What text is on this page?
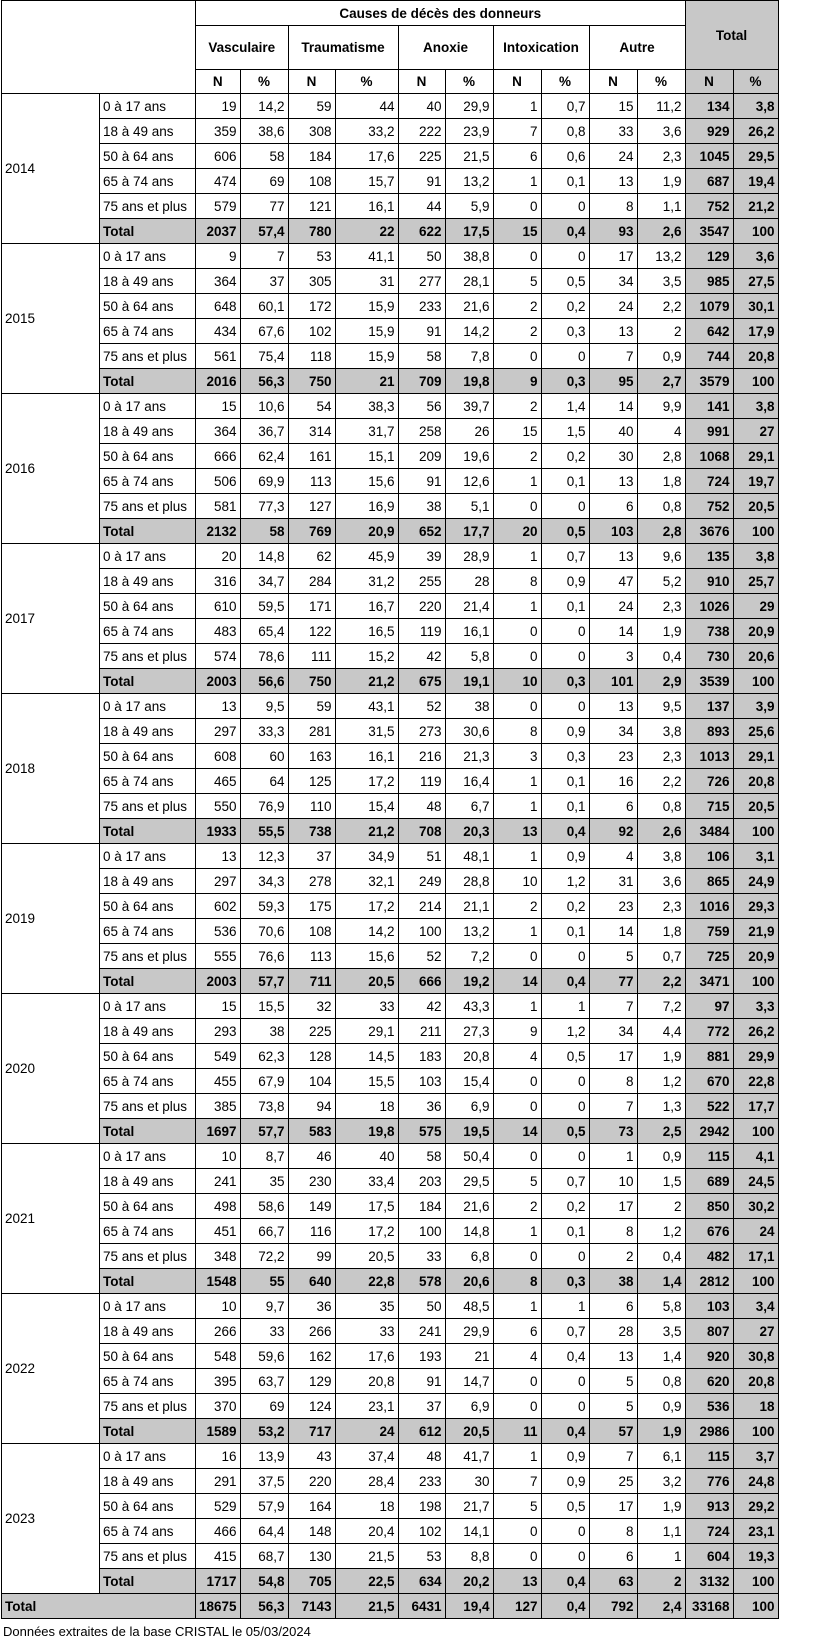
		Causes de décès des donneurs										Total	
		Vasculaire		Traumatisme		Anoxie		Intoxication		Autre			
		N	%	N	%	N	%	N	%	N	%	N	%
2014	0 à 17 ans	19	14,2	59	44	40	29,9	1	0,7	15	11,2	134	3,8
	18 à 49 ans	359	38,6	308	33,2	222	23,9	7	0,8	33	3,6	929	26,2
	50 à 64 ans	606	58	184	17,6	225	21,5	6	0,6	24	2,3	1045	29,5
	65 à 74 ans	474	69	108	15,7	91	13,2	1	0,1	13	1,9	687	19,4
	75 ans et plus	579	77	121	16,1	44	5,9	0	0	8	1,1	752	21,2
	Total	2037	57,4	780	22	622	17,5	15	0,4	93	2,6	3547	100
2015	0 à 17 ans	9	7	53	41,1	50	38,8	0	0	17	13,2	129	3,6
	18 à 49 ans	364	37	305	31	277	28,1	5	0,5	34	3,5	985	27,5
	50 à 64 ans	648	60,1	172	15,9	233	21,6	2	0,2	24	2,2	1079	30,1
	65 à 74 ans	434	67,6	102	15,9	91	14,2	2	0,3	13	2	642	17,9
	75 ans et plus	561	75,4	118	15,9	58	7,8	0	0	7	0,9	744	20,8
	Total	2016	56,3	750	21	709	19,8	9	0,3	95	2,7	3579	100
2016	0 à 17 ans	15	10,6	54	38,3	56	39,7	2	1,4	14	9,9	141	3,8
	18 à 49 ans	364	36,7	314	31,7	258	26	15	1,5	40	4	991	27
	50 à 64 ans	666	62,4	161	15,1	209	19,6	2	0,2	30	2,8	1068	29,1
	65 à 74 ans	506	69,9	113	15,6	91	12,6	1	0,1	13	1,8	724	19,7
	75 ans et plus	581	77,3	127	16,9	38	5,1	0	0	6	0,8	752	20,5
	Total	2132	58	769	20,9	652	17,7	20	0,5	103	2,8	3676	100
2017	0 à 17 ans	20	14,8	62	45,9	39	28,9	1	0,7	13	9,6	135	3,8
	18 à 49 ans	316	34,7	284	31,2	255	28	8	0,9	47	5,2	910	25,7
	50 à 64 ans	610	59,5	171	16,7	220	21,4	1	0,1	24	2,3	1026	29
	65 à 74 ans	483	65,4	122	16,5	119	16,1	0	0	14	1,9	738	20,9
	75 ans et plus	574	78,6	111	15,2	42	5,8	0	0	3	0,4	730	20,6
	Total	2003	56,6	750	21,2	675	19,1	10	0,3	101	2,9	3539	100
2018	0 à 17 ans	13	9,5	59	43,1	52	38	0	0	13	9,5	137	3,9
	18 à 49 ans	297	33,3	281	31,5	273	30,6	8	0,9	34	3,8	893	25,6
	50 à 64 ans	608	60	163	16,1	216	21,3	3	0,3	23	2,3	1013	29,1
	65 à 74 ans	465	64	125	17,2	119	16,4	1	0,1	16	2,2	726	20,8
	75 ans et plus	550	76,9	110	15,4	48	6,7	1	0,1	6	0,8	715	20,5
	Total	1933	55,5	738	21,2	708	20,3	13	0,4	92	2,6	3484	100
2019	0 à 17 ans	13	12,3	37	34,9	51	48,1	1	0,9	4	3,8	106	3,1
	18 à 49 ans	297	34,3	278	32,1	249	28,8	10	1,2	31	3,6	865	24,9
	50 à 64 ans	602	59,3	175	17,2	214	21,1	2	0,2	23	2,3	1016	29,3
	65 à 74 ans	536	70,6	108	14,2	100	13,2	1	0,1	14	1,8	759	21,9
	75 ans et plus	555	76,6	113	15,6	52	7,2	0	0	5	0,7	725	20,9
	Total	2003	57,7	711	20,5	666	19,2	14	0,4	77	2,2	3471	100
2020	0 à 17 ans	15	15,5	32	33	42	43,3	1	1	7	7,2	97	3,3
	18 à 49 ans	293	38	225	29,1	211	27,3	9	1,2	34	4,4	772	26,2
	50 à 64 ans	549	62,3	128	14,5	183	20,8	4	0,5	17	1,9	881	29,9
	65 à 74 ans	455	67,9	104	15,5	103	15,4	0	0	8	1,2	670	22,8
	75 ans et plus	385	73,8	94	18	36	6,9	0	0	7	1,3	522	17,7
	Total	1697	57,7	583	19,8	575	19,5	14	0,5	73	2,5	2942	100
2021	0 à 17 ans	10	8,7	46	40	58	50,4	0	0	1	0,9	115	4,1
	18 à 49 ans	241	35	230	33,4	203	29,5	5	0,7	10	1,5	689	24,5
	50 à 64 ans	498	58,6	149	17,5	184	21,6	2	0,2	17	2	850	30,2
	65 à 74 ans	451	66,7	116	17,2	100	14,8	1	0,1	8	1,2	676	24
	75 ans et plus	348	72,2	99	20,5	33	6,8	0	0	2	0,4	482	17,1
	Total	1548	55	640	22,8	578	20,6	8	0,3	38	1,4	2812	100
2022	0 à 17 ans	10	9,7	36	35	50	48,5	1	1	6	5,8	103	3,4
	18 à 49 ans	266	33	266	33	241	29,9	6	0,7	28	3,5	807	27
	50 à 64 ans	548	59,6	162	17,6	193	21	4	0,4	13	1,4	920	30,8
	65 à 74 ans	395	63,7	129	20,8	91	14,7	0	0	5	0,8	620	20,8
	75 ans et plus	370	69	124	23,1	37	6,9	0	0	5	0,9	536	18
	Total	1589	53,2	717	24	612	20,5	11	0,4	57	1,9	2986	100
2023	0 à 17 ans	16	13,9	43	37,4	48	41,7	1	0,9	7	6,1	115	3,7
	18 à 49 ans	291	37,5	220	28,4	233	30	7	0,9	25	3,2	776	24,8
	50 à 64 ans	529	57,9	164	18	198	21,7	5	0,5	17	1,9	913	29,2
	65 à 74 ans	466	64,4	148	20,4	102	14,1	0	0	8	1,1	724	23,1
	75 ans et plus	415	68,7	130	21,5	53	8,8	0	0	6	1	604	19,3
	Total	1717	54,8	705	22,5	634	20,2	13	0,4	63	2	3132	100
Total		18675	56,3	7143	21,5	6431	19,4	127	0,4	792	2,4	33168	100
Données extraites de la base CRISTAL le 05/03/2024
